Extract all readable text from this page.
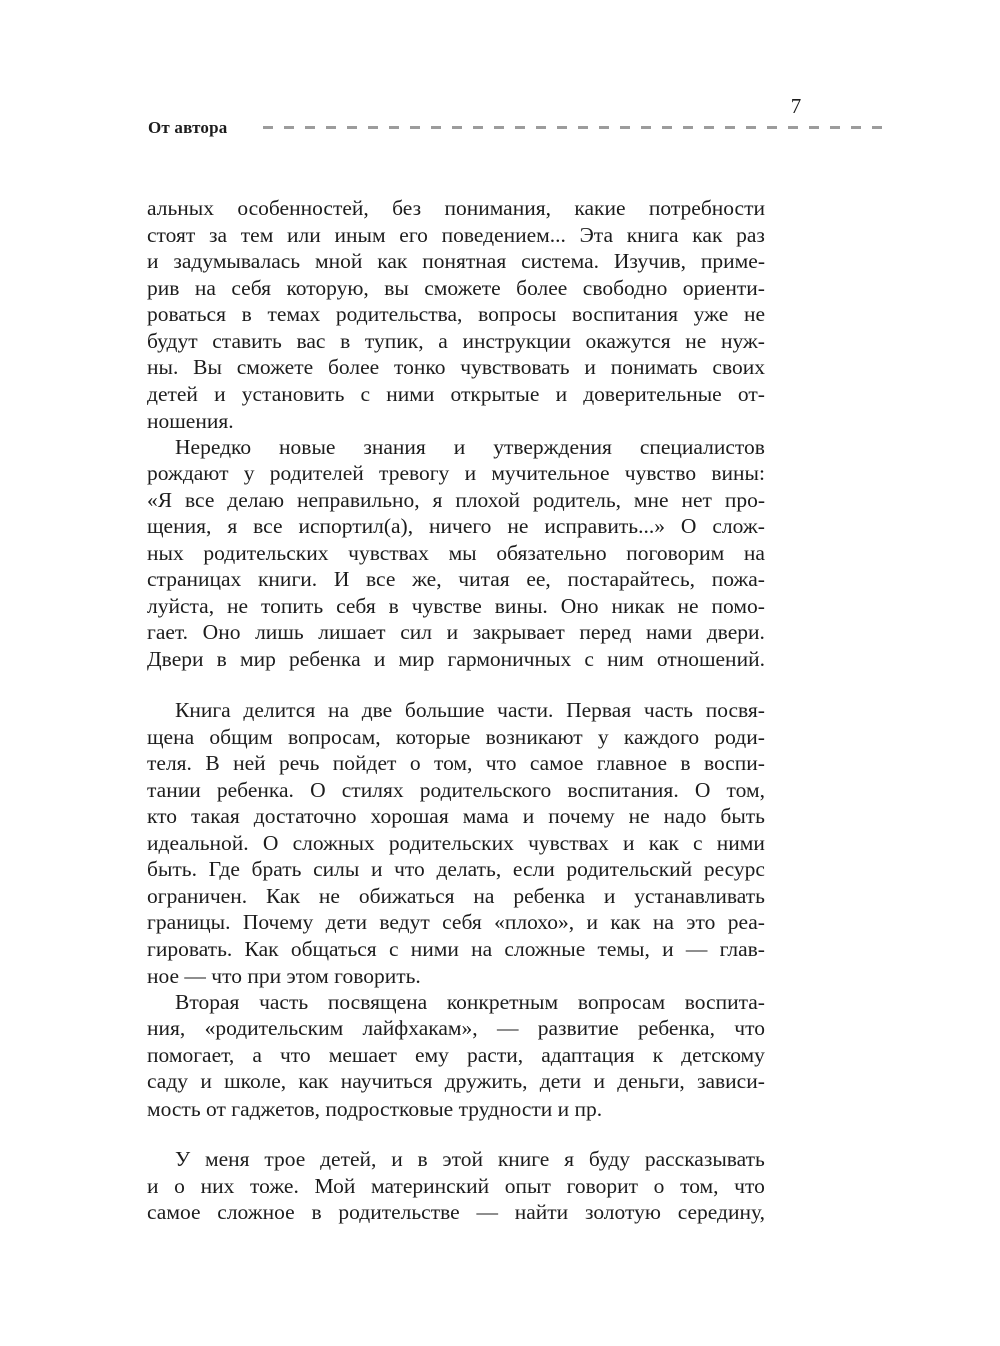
От автора
7
альных особенностей, без понимания, какие потребности
стоят за тем или иным его поведением... Эта книга как раз
и задумывалась мной как понятная система. Изучив, приме-
рив на себя которую, вы сможете более свободно ориенти-
роваться в темах родительства, вопросы воспитания уже не
будут ставить вас в тупик, а инструкции окажутся не нуж-
ны. Вы сможете более тонко чувствовать и понимать своих
детей и установить с ними открытые и доверительные от-
ношения.
Нередко новые знания и утверждения специалистов
рождают у родителей тревогу и мучительное чувство вины:
«Я все делаю неправильно, я плохой родитель, мне нет про-
щения, я все испортил(а), ничего не исправить...» О слож-
ных родительских чувствах мы обязательно поговорим на
страницах книги. И все же, читая ее, постарайтесь, пожа-
луйста, не топить себя в чувстве вины. Оно никак не помо-
гает. Оно лишь лишает сил и закрывает перед нами двери.
Двери в мир ребенка и мир гармоничных с ним отношений.
Книга делится на две большие части. Первая часть посвя-
щена общим вопросам, которые возникают у каждого роди-
теля. В ней речь пойдет о том, что самое главное в воспи-
тании ребенка. О стилях родительского воспитания. О том,
кто такая достаточно хорошая мама и почему не надо быть
идеальной. О сложных родительских чувствах и как с ними
быть. Где брать силы и что делать, если родительский ресурс
ограничен. Как не обижаться на ребенка и устанавливать
границы. Почему дети ведут себя «плохо», и как на это реа-
гировать. Как общаться с ними на сложные темы, и — глав-
ное — что при этом говорить.
Вторая часть посвящена конкретным вопросам воспита-
ния, «родительским лайфхакам», — развитие ребенка, что
помогает, а что мешает ему расти, адаптация к детскому
саду и школе, как научиться дружить, дети и деньги, зависи-
мость от гаджетов, подростковые трудности и пр.
У меня трое детей, и в этой книге я буду рассказывать
и о них тоже. Мой материнский опыт говорит о том, что
самое сложное в родительстве — найти золотую середину,
